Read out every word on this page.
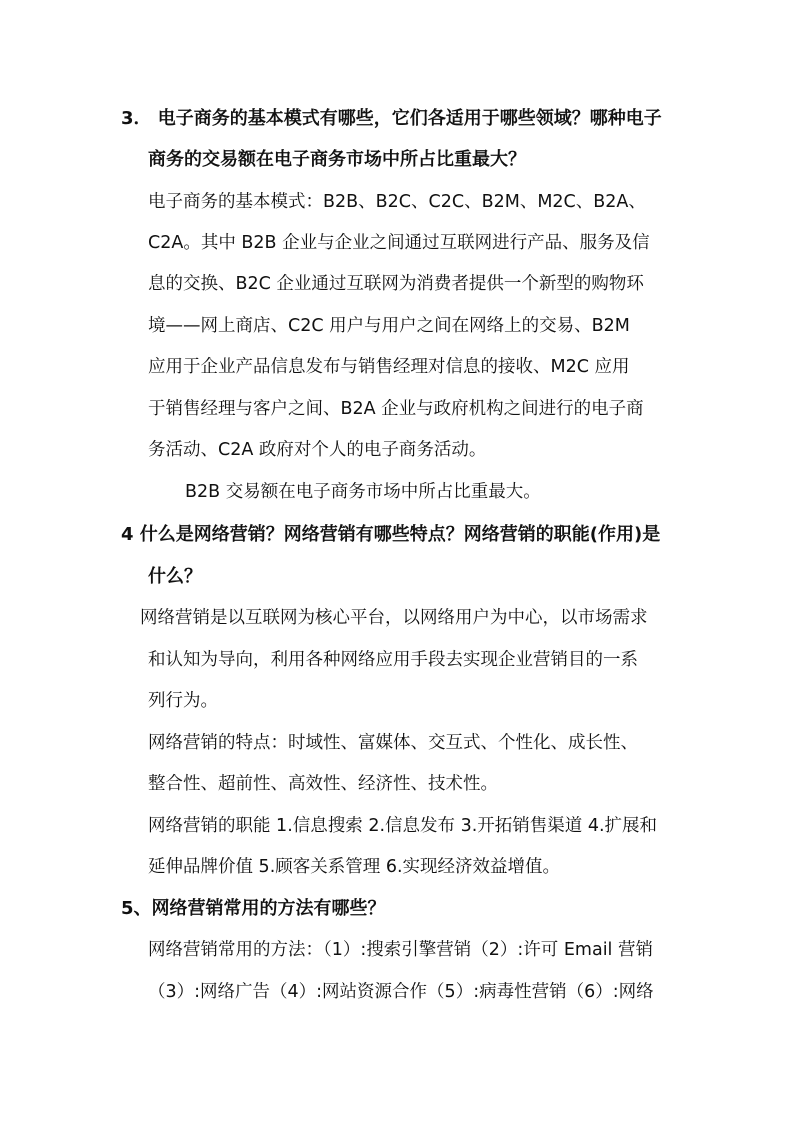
3． 电子商务的基本模式有哪些，它们各适用于哪些领域？哪种电子
商务的交易额在电子商务市场中所占比重最大？
电子商务的基本模式：B2B、B2C、C2C、B2M、M2C、B2A、
C2A。其中 B2B 企业与企业之间通过互联网进行产品、服务及信
息的交换、B2C 企业通过互联网为消费者提供一个新型的购物环
境——网上商店、C2C 用户与用户之间在网络上的交易、B2M
应用于企业产品信息发布与销售经理对信息的接收、M2C 应用
于销售经理与客户之间、B2A 企业与政府机构之间进行的电子商
务活动、C2A 政府对个人的电子商务活动。
B2B 交易额在电子商务市场中所占比重最大。
4 什么是网络营销？网络营销有哪些特点？网络营销的职能(作用)是
什么？
网络营销是以互联网为核心平台，以网络用户为中心，以市场需求
和认知为导向，利用各种网络应用手段去实现企业营销目的一系
列行为。
网络营销的特点：时域性、富媒体、交互式、个性化、成长性、
整合性、超前性、高效性、经济性、技术性。
网络营销的职能 1.信息搜索 2.信息发布 3.开拓销售渠道 4.扩展和
延伸品牌价值 5.顾客关系管理 6.实现经济效益增值。
5、网络营销常用的方法有哪些？
网络营销常用的方法：（1）:搜索引擎营销（2）:许可 Email 营销
（3）:网络广告（4）:网站资源合作（5）:病毒性营销（6）:网络
